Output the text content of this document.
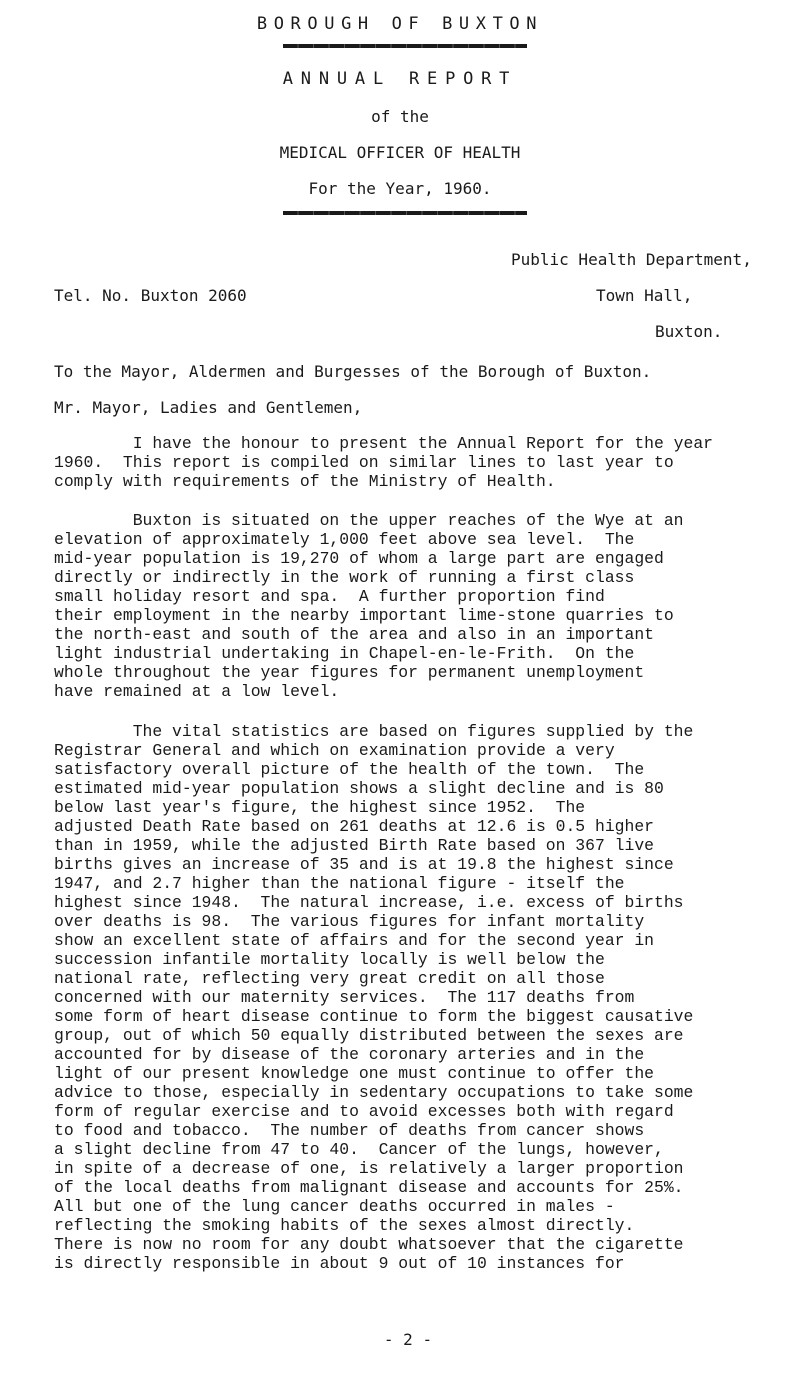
BOROUGH OF BUXTON
ANNUAL REPORT
of the
MEDICAL OFFICER OF HEALTH
For the Year, 1960.
Public Health Department,
Tel. No. Buxton 2060	Town Hall,
Buxton.
To the Mayor, Aldermen and Burgesses of the Borough of Buxton.
Mr. Mayor, Ladies and Gentlemen,
I have the honour to present the Annual Report for the year
1960.  This report is compiled on similar lines to last year to
comply with requirements of the Ministry of Health.
Buxton is situated on the upper reaches of the Wye at an
elevation of approximately 1,000 feet above sea level.  The
mid-year population is 19,270 of whom a large part are engaged
directly or indirectly in the work of running a first class
small holiday resort and spa.  A further proportion find
their employment in the nearby important lime-stone quarries to
the north-east and south of the area and also in an important
light industrial undertaking in Chapel-en-le-Frith.  On the
whole throughout the year figures for permanent unemployment
have remained at a low level.
The vital statistics are based on figures supplied by the
Registrar General and which on examination provide a very
satisfactory overall picture of the health of the town.  The
estimated mid-year population shows a slight decline and is 80
below last year's figure, the highest since 1952.  The
adjusted Death Rate based on 261 deaths at 12.6 is 0.5 higher
than in 1959, while the adjusted Birth Rate based on 367 live
births gives an increase of 35 and is at 19.8 the highest since
1947, and 2.7 higher than the national figure - itself the
highest since 1948.  The natural increase, i.e. excess of births
over deaths is 98.  The various figures for infant mortality
show an excellent state of affairs and for the second year in
succession infantile mortality locally is well below the
national rate, reflecting very great credit on all those
concerned with our maternity services.  The 117 deaths from
some form of heart disease continue to form the biggest causative
group, out of which 50 equally distributed between the sexes are
accounted for by disease of the coronary arteries and in the
light of our present knowledge one must continue to offer the
advice to those, especially in sedentary occupations to take some
form of regular exercise and to avoid excesses both with regard
to food and tobacco.  The number of deaths from cancer shows
a slight decline from 47 to 40.  Cancer of the lungs, however,
in spite of a decrease of one, is relatively a larger proportion
of the local deaths from malignant disease and accounts for 25%.
All but one of the lung cancer deaths occurred in males -
reflecting the smoking habits of the sexes almost directly.
There is now no room for any doubt whatsoever that the cigarette
is directly responsible in about 9 out of 10 instances for
- 2 -
